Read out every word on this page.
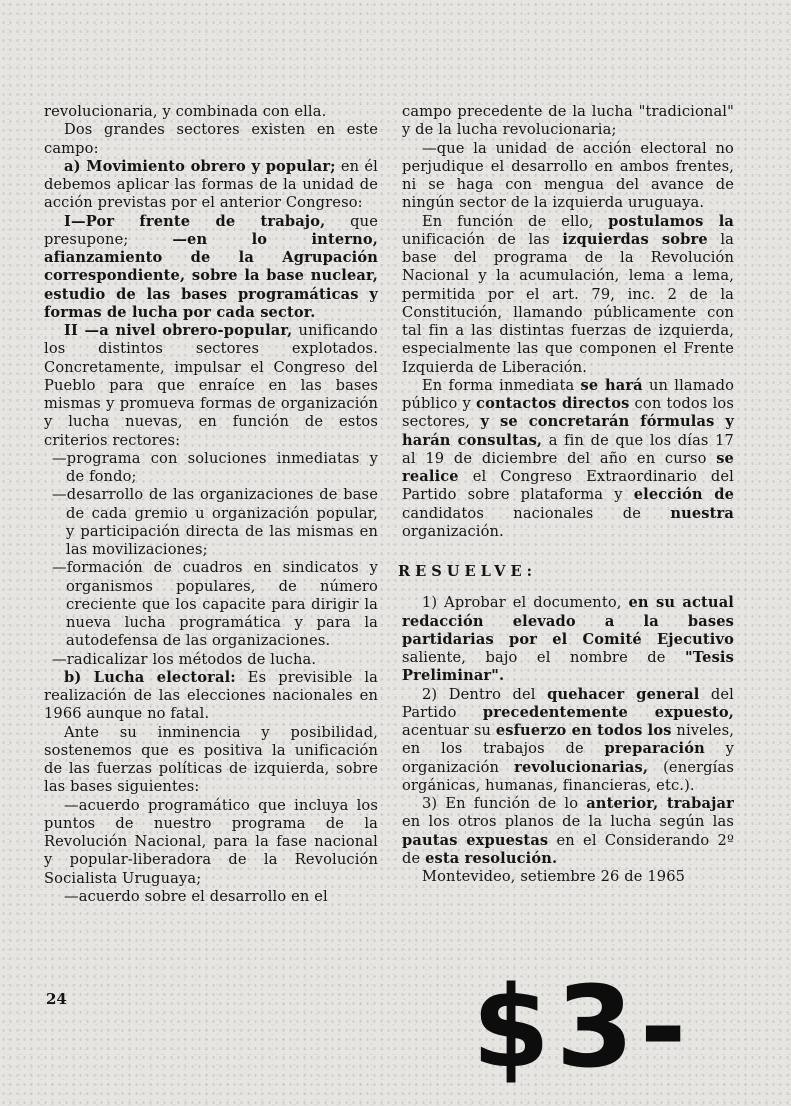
revolucionaria, y combinada con ella.

Dos grandes sectores existen en este campo:

a) Movimiento obrero y popular; en él debemos aplicar las formas de la unidad de acción previstas por el anterior Congreso:

I—Por frente de trabajo, que presupone; —en lo interno, afianzamiento de la Agrupación correspondiente, sobre la base nuclear, estudio de las bases programáticas y formas de lucha por cada sector.

II —a nivel obrero-popular, unificando los distintos sectores explotados. Concretamente, impulsar el Congreso del Pueblo para que enraíce en las bases mismas y promueva formas de organización y lucha nuevas, en función de estos criterios rectores:

—programa con soluciones inmediatas y de fondo;

—desarrollo de las organizaciones de base de cada gremio u organización popular, y participación directa de las mismas en las movilizaciones;

—formación de cuadros en sindicatos y organismos populares, de número creciente que los capacite para dirigir la nueva lucha programática y para la autodefensa de las organizaciones.

—radicalizar los métodos de lucha.

b) Lucha electoral: Es previsible la realización de las elecciones nacionales en 1966 aunque no fatal.

Ante su inminencia y posibilidad, sostenemos que es positiva la unificación de las fuerzas políticas de izquierda, sobre las bases siguientes:

—acuerdo programático que incluya los puntos de nuestro programa de la Revolución Nacional, para la fase nacional y popular-liberadora de la Revolución Socialista Uruguaya;

—acuerdo sobre el desarrollo en el

campo precedente de la lucha "tradicional" y de la lucha revolucionaria;

—que la unidad de acción electoral no perjudique el desarrollo en ambos frentes, ni se haga con mengua del avance de ningún sector de la izquierda uruguaya.

En función de ello, postulamos la unificación de las izquierdas sobre la base del programa de la Revolución Nacional y la acumulación, lema a lema, permitida por el art. 79, inc. 2 de la Constitución, llamando públicamente con tal fin a las distintas fuerzas de izquierda, especialmente las que componen el Frente Izquierda de Liberación.

En forma inmediata se hará un llamado público y contactos directos con todos los sectores, y se concretarán fórmulas y harán consultas, a fin de que los días 17 al 19 de diciembre del año en curso se realice el Congreso Extraordinario del Partido sobre plataforma y elección de candidatos nacionales de nuestra organización.

RESUELVE:

1) Aprobar el documento, en su actual redacción elevado a la bases partidarias por el Comité Ejecutivo saliente, bajo el nombre de "Tesis Preliminar".

2) Dentro del quehacer general del Partido precedentemente expuesto, acentuar su esfuerzo en todos los niveles, en los trabajos de preparación y organización revolucionarias, (energías orgánicas, humanas, financieras, etc.).

3) En función de lo anterior, trabajar en los otros planos de la lucha según las pautas expuestas en el Considerando 2º de esta resolución.

Montevideo, setiembre 26 de 1965

24	$3-
